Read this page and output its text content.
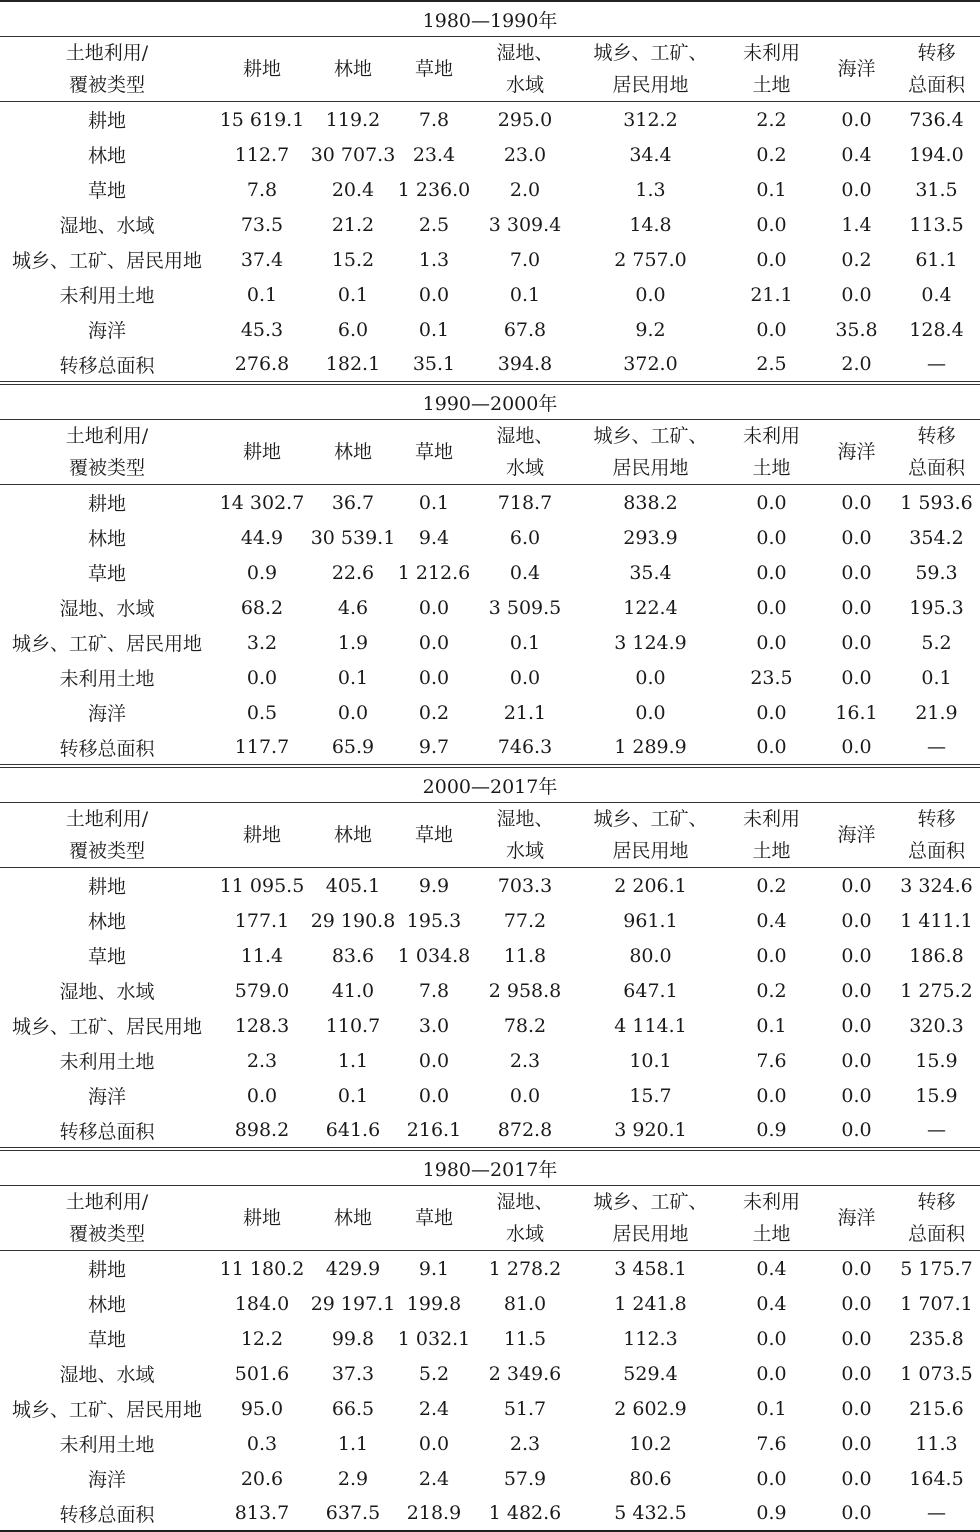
1980—1990年								
土地利用/	耕地	林地	草地	湿地、	城乡、工矿、	未利用	海洋	转移
覆被类型				水域	居民用地	土地		总面积
耕地	15 619.1	119.2	7.8	295.0	312.2	2.2	0.0	736.4
林地	112.7	30 707.3	23.4	23.0	34.4	0.2	0.4	194.0
草地	7.8	20.4	1 236.0	2.0	1.3	0.1	0.0	31.5
湿地、水域	73.5	21.2	2.5	3 309.4	14.8	0.0	1.4	113.5
城乡、工矿、居民用地	37.4	15.2	1.3	7.0	2 757.0	0.0	0.2	61.1
未利用土地	0.1	0.1	0.0	0.1	0.0	21.1	0.0	0.4
海洋	45.3	6.0	0.1	67.8	9.2	0.0	35.8	128.4
转移总面积	276.8	182.1	35.1	394.8	372.0	2.5	2.0	—

1990—2000年								
土地利用/	耕地	林地	草地	湿地、	城乡、工矿、	未利用	海洋	转移
覆被类型				水域	居民用地	土地		总面积
耕地	14 302.7	36.7	0.1	718.7	838.2	0.0	0.0	1 593.6
林地	44.9	30 539.1	9.4	6.0	293.9	0.0	0.0	354.2
草地	0.9	22.6	1 212.6	0.4	35.4	0.0	0.0	59.3
湿地、水域	68.2	4.6	0.0	3 509.5	122.4	0.0	0.0	195.3
城乡、工矿、居民用地	3.2	1.9	0.0	0.1	3 124.9	0.0	0.0	5.2
未利用土地	0.0	0.1	0.0	0.0	0.0	23.5	0.0	0.1
海洋	0.5	0.0	0.2	21.1	0.0	0.0	16.1	21.9
转移总面积	117.7	65.9	9.7	746.3	1 289.9	0.0	0.0	—

2000—2017年								
土地利用/	耕地	林地	草地	湿地、	城乡、工矿、	未利用	海洋	转移
覆被类型				水域	居民用地	土地		总面积
耕地	11 095.5	405.1	9.9	703.3	2 206.1	0.2	0.0	3 324.6
林地	177.1	29 190.8	195.3	77.2	961.1	0.4	0.0	1 411.1
草地	11.4	83.6	1 034.8	11.8	80.0	0.0	0.0	186.8
湿地、水域	579.0	41.0	7.8	2 958.8	647.1	0.2	0.0	1 275.2
城乡、工矿、居民用地	128.3	110.7	3.0	78.2	4 114.1	0.1	0.0	320.3
未利用土地	2.3	1.1	0.0	2.3	10.1	7.6	0.0	15.9
海洋	0.0	0.1	0.0	0.0	15.7	0.0	0.0	15.9
转移总面积	898.2	641.6	216.1	872.8	3 920.1	0.9	0.0	—

1980—2017年								
土地利用/	耕地	林地	草地	湿地、	城乡、工矿、	未利用	海洋	转移
覆被类型				水域	居民用地	土地		总面积
耕地	11 180.2	429.9	9.1	1 278.2	3 458.1	0.4	0.0	5 175.7
林地	184.0	29 197.1	199.8	81.0	1 241.8	0.4	0.0	1 707.1
草地	12.2	99.8	1 032.1	11.5	112.3	0.0	0.0	235.8
湿地、水域	501.6	37.3	5.2	2 349.6	529.4	0.0	0.0	1 073.5
城乡、工矿、居民用地	95.0	66.5	2.4	51.7	2 602.9	0.1	0.0	215.6
未利用土地	0.3	1.1	0.0	2.3	10.2	7.6	0.0	11.3
海洋	20.6	2.9	2.4	57.9	80.6	0.0	0.0	164.5
转移总面积	813.7	637.5	218.9	1 482.6	5 432.5	0.9	0.0	—
